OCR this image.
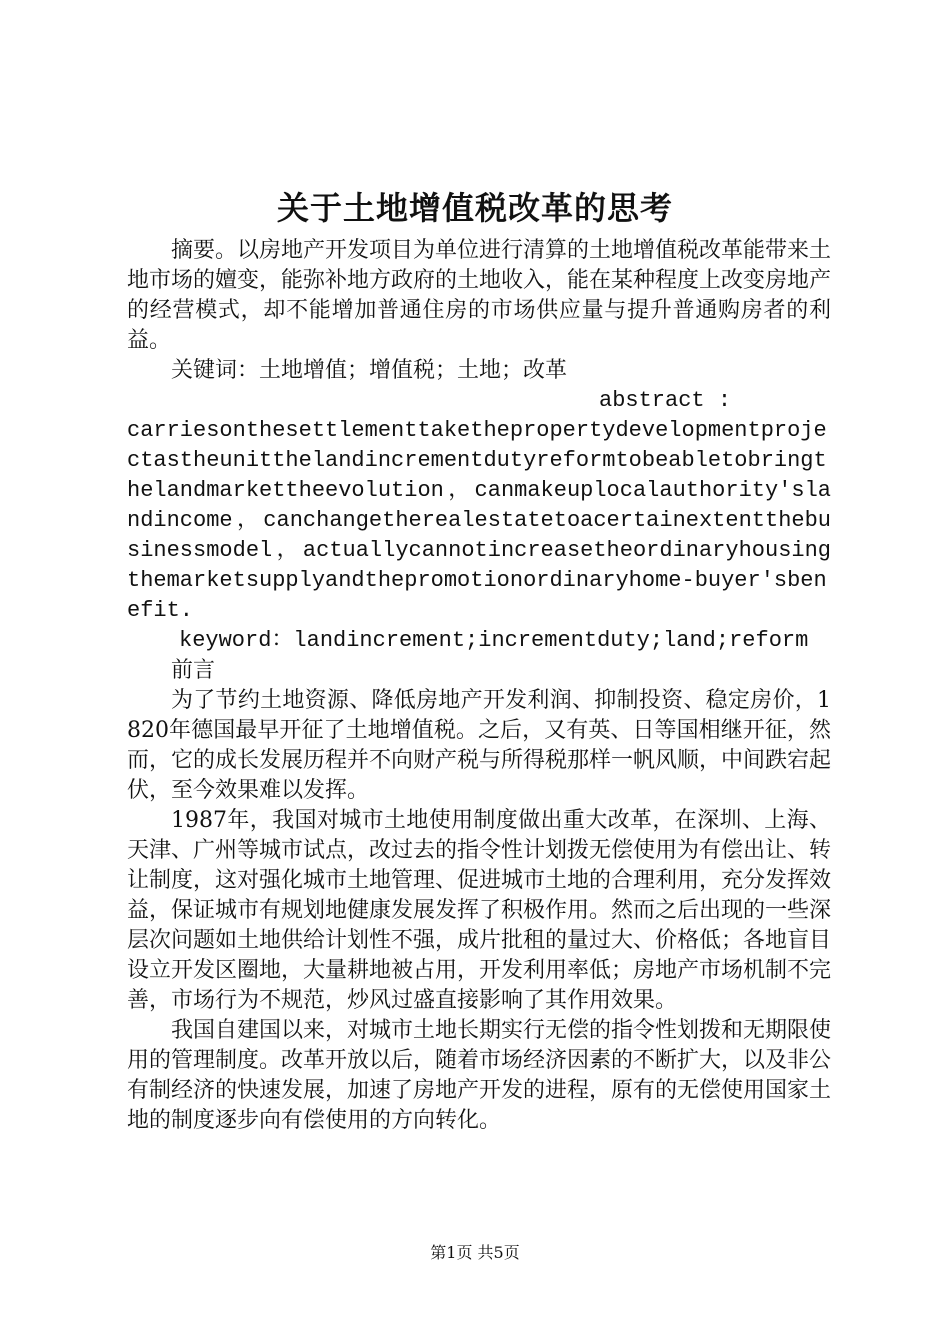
关于土地增值税改革的思考

摘要。以房地产开发项目为单位进行清算的土地增值税改革能带来土地市场的嬗变，能弥补地方政府的土地收入，能在某种程度上改变房地产的经营模式，却不能增加普通住房的市场供应量与提升普通购房者的利益。

关键词：土地增值；增值税；土地；改革

abstract :
carriesonthesettlementtakethepropertydevelopmentprojectastheunitthelandincrementdutyreformtobeabletobringthelandmarkettheevolution，canmakeuplocalauthority'slandincome，canchangetherealestatetoacertainextentthebusinessmodel，actuallycannotincreasetheordinaryhousingthemarketsupplyandthepromotionordinaryhome-buyer'sbenefit.

keyword：landincrement;incrementduty;land;reform

前言

为了节约土地资源、降低房地产开发利润、抑制投资、稳定房价，1820年德国最早开征了土地增值税。之后，又有英、日等国相继开征，然而，它的成长发展历程并不向财产税与所得税那样一帆风顺，中间跌宕起伏，至今效果难以发挥。

1987年，我国对城市土地使用制度做出重大改革，在深圳、上海、天津、广州等城市试点，改过去的指令性计划拨无偿使用为有偿出让、转让制度，这对强化城市土地管理、促进城市土地的合理利用，充分发挥效益，保证城市有规划地健康发展发挥了积极作用。然而之后出现的一些深层次问题如土地供给计划性不强，成片批租的量过大、价格低；各地盲目设立开发区圈地，大量耕地被占用，开发利用率低；房地产市场机制不完善，市场行为不规范，炒风过盛直接影响了其作用效果。

我国自建国以来，对城市土地长期实行无偿的指令性划拨和无期限使用的管理制度。改革开放以后，随着市场经济因素的不断扩大，以及非公有制经济的快速发展，加速了房地产开发的进程，原有的无偿使用国家土地的制度逐步向有偿使用的方向转化。

第1页 共5页
